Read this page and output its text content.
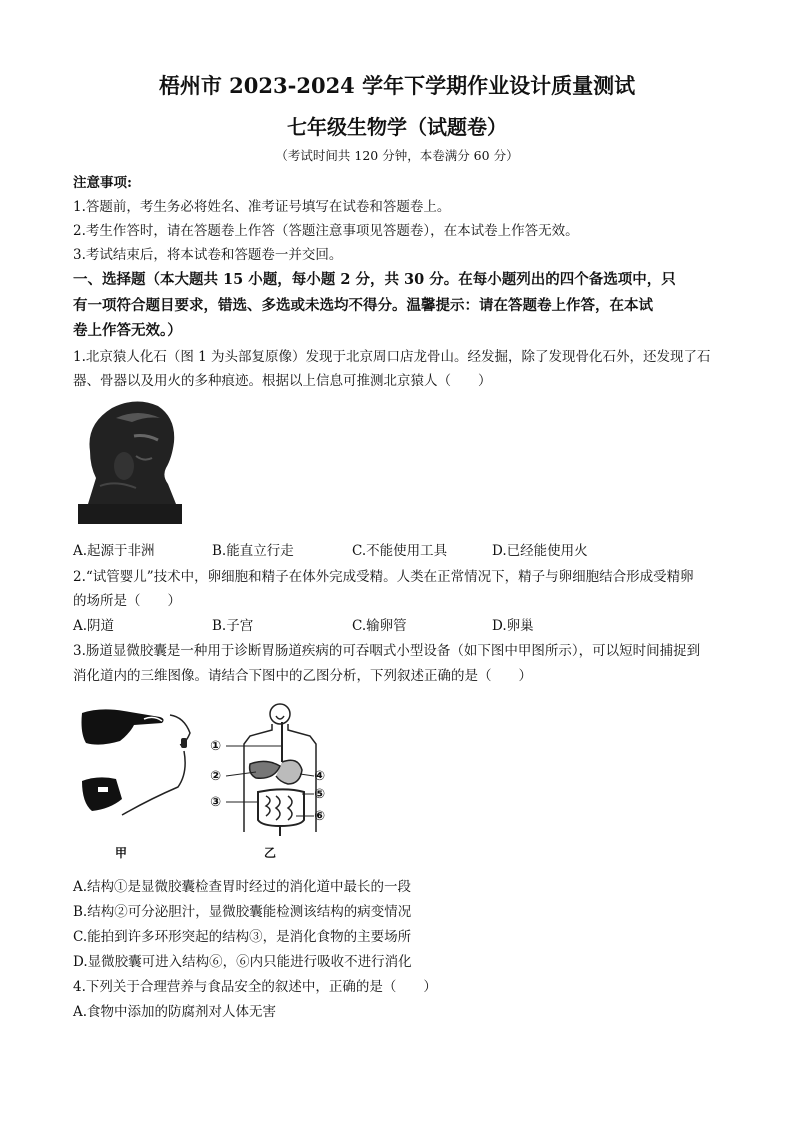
梧州市 2023-2024 学年下学期作业设计质量测试
七年级生物学（试题卷）
（考试时间共 120 分钟，本卷满分 60 分）
注意事项:
1.答题前，考生务必将姓名、准考证号填写在试卷和答题卷上。
2.考生作答时，请在答题卷上作答（答题注意事项见答题卷），在本试卷上作答无效。
3.考试结束后，将本试卷和答题卷一并交回。
一、选择题（本大题共 15 小题，每小题 2 分，共 30 分。在每小题列出的四个备选项中，只
有一项符合题目要求，错选、多选或未选均不得分。温馨提示：请在答题卷上作答，在本试
卷上作答无效。）
1.北京猿人化石（图 1 为头部复原像）发现于北京周口店龙骨山。经发掘，除了发现骨化石外，还发现了石
器、骨器以及用火的多种痕迹。根据以上信息可推测北京猿人（　　）
A.起源于非洲	B.能直立行走	C.不能使用工具	D.已经能使用火
2.“试管婴儿”技术中，卵细胞和精子在体外完成受精。人类在正常情况下，精子与卵细胞结合形成受精卵
的场所是（　　）
A.阴道	B.子宫	C.输卵管	D.卵巢
3.肠道显微胶囊是一种用于诊断胃肠道疾病的可吞咽式小型设备（如下图中甲图所示），可以短时间捕捉到
消化道内的三维图像。请结合下图中的乙图分析，下列叙述正确的是（　　）
甲
①
②
③
④
⑤
⑥
乙
A.结构①是显微胶囊检查胃时经过的消化道中最长的一段
B.结构②可分泌胆汁，显微胶囊能检测该结构的病变情况
C.能拍到许多环形突起的结构③，是消化食物的主要场所
D.显微胶囊可进入结构⑥，⑥内只能进行吸收不进行消化
4.下列关于合理营养与食品安全的叙述中，正确的是（　　）
A.食物中添加的防腐剂对人体无害
